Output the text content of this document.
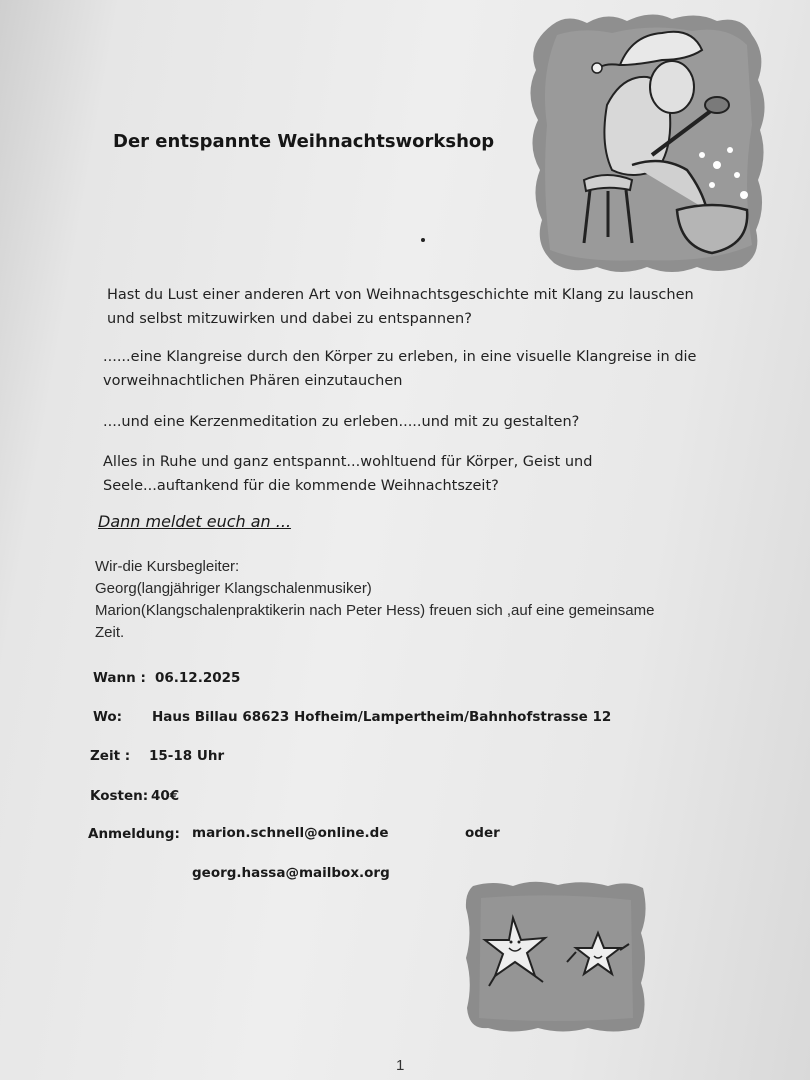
Der entspannte Weihnachtsworkshop
Hast du Lust einer anderen Art von Weihnachtsgeschichte mit Klang zu lauschen
und selbst mitzuwirken und dabei zu entspannen?
......eine Klangreise durch den Körper zu erleben, in eine visuelle Klangreise in die
vorweihnachtlichen Phären einzutauchen
....und eine Kerzenmeditation zu erleben.....und mit zu gestalten?
Alles in Ruhe und ganz entspannt...wohltuend für Körper, Geist und
Seele...auftankend für die kommende Weihnachtszeit?
Dann meldet euch an ...
Wir-die Kursbegleiter:
Georg(langjähriger Klangschalenmusiker)
Marion(Klangschalenpraktikerin nach Peter Hess) freuen sich ,auf eine gemeinsame
Zeit.
Wann : 06.12.2025
Wo: Haus Billau 68623 Hofheim/Lampertheim/Bahnhofstrasse 12
Zeit : 15-18 Uhr
Kosten: 40€
Anmeldung: marion.schnell@online.de	oder
georg.hassa@mailbox.org
1
